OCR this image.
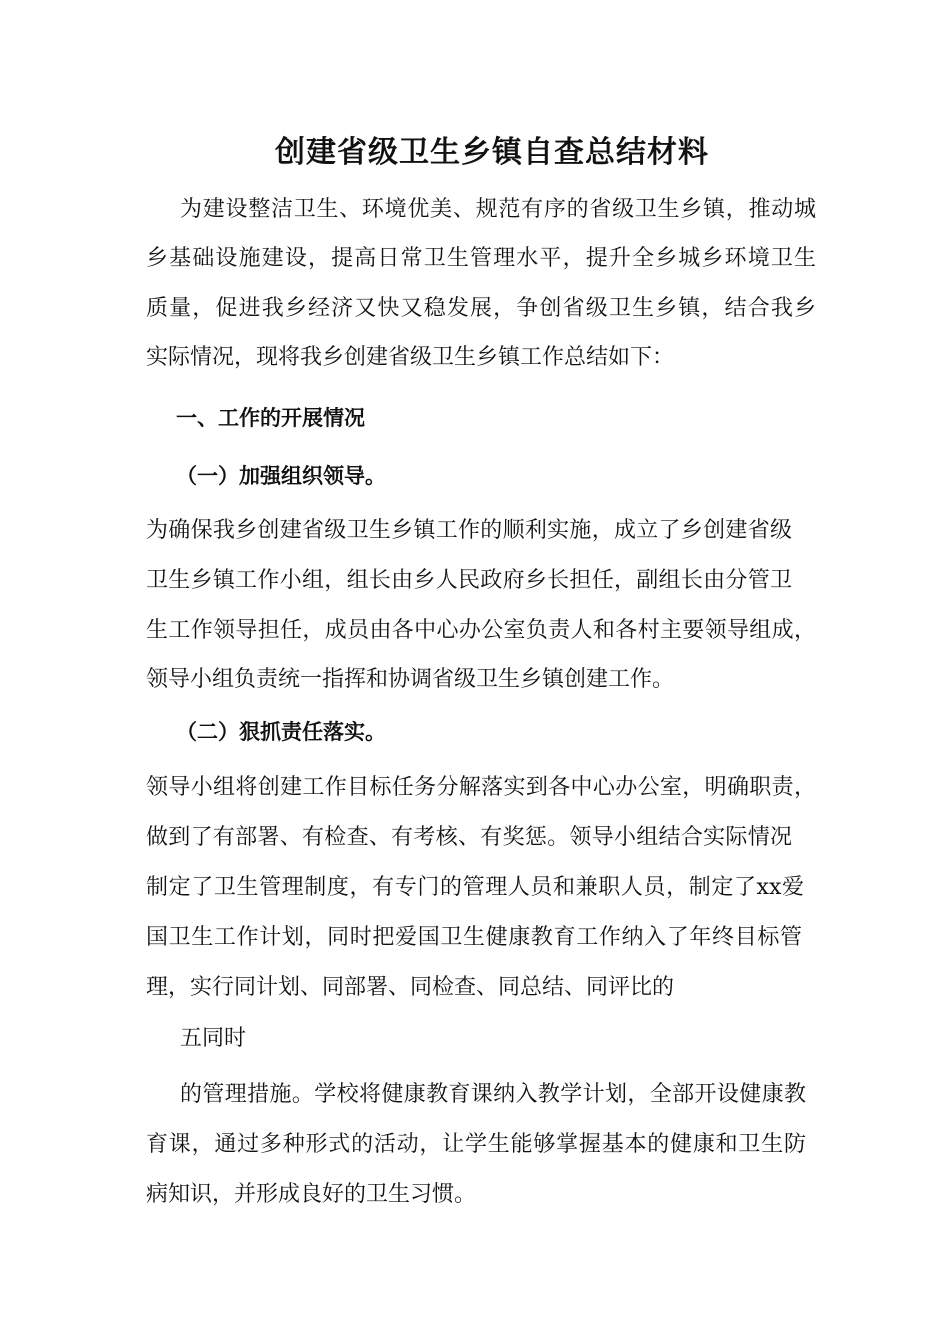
创建省级卫生乡镇自查总结材料

为建设整洁卫生、环境优美、规范有序的省级卫生乡镇，推动城

乡基础设施建设，提高日常卫生管理水平，提升全乡城乡环境卫生

质量，促进我乡经济又快又稳发展，争创省级卫生乡镇，结合我乡

实际情况，现将我乡创建省级卫生乡镇工作总结如下：

一、工作的开展情况

（一）加强组织领导。

为确保我乡创建省级卫生乡镇工作的顺利实施，成立了乡创建省级

卫生乡镇工作小组，组长由乡人民政府乡长担任，副组长由分管卫

生工作领导担任，成员由各中心办公室负责人和各村主要领导组成，

领导小组负责统一指挥和协调省级卫生乡镇创建工作。

（二）狠抓责任落实。

领导小组将创建工作目标任务分解落实到各中心办公室，明确职责，

做到了有部署、有检查、有考核、有奖惩。领导小组结合实际情况

制定了卫生管理制度，有专门的管理人员和兼职人员，制定了xx爱

国卫生工作计划，同时把爱国卫生健康教育工作纳入了年终目标管

理，实行同计划、同部署、同检查、同总结、同评比的

五同时

的管理措施。学校将健康教育课纳入教学计划，全部开设健康教

育课，通过多种形式的活动，让学生能够掌握基本的健康和卫生防

病知识，并形成良好的卫生习惯。
